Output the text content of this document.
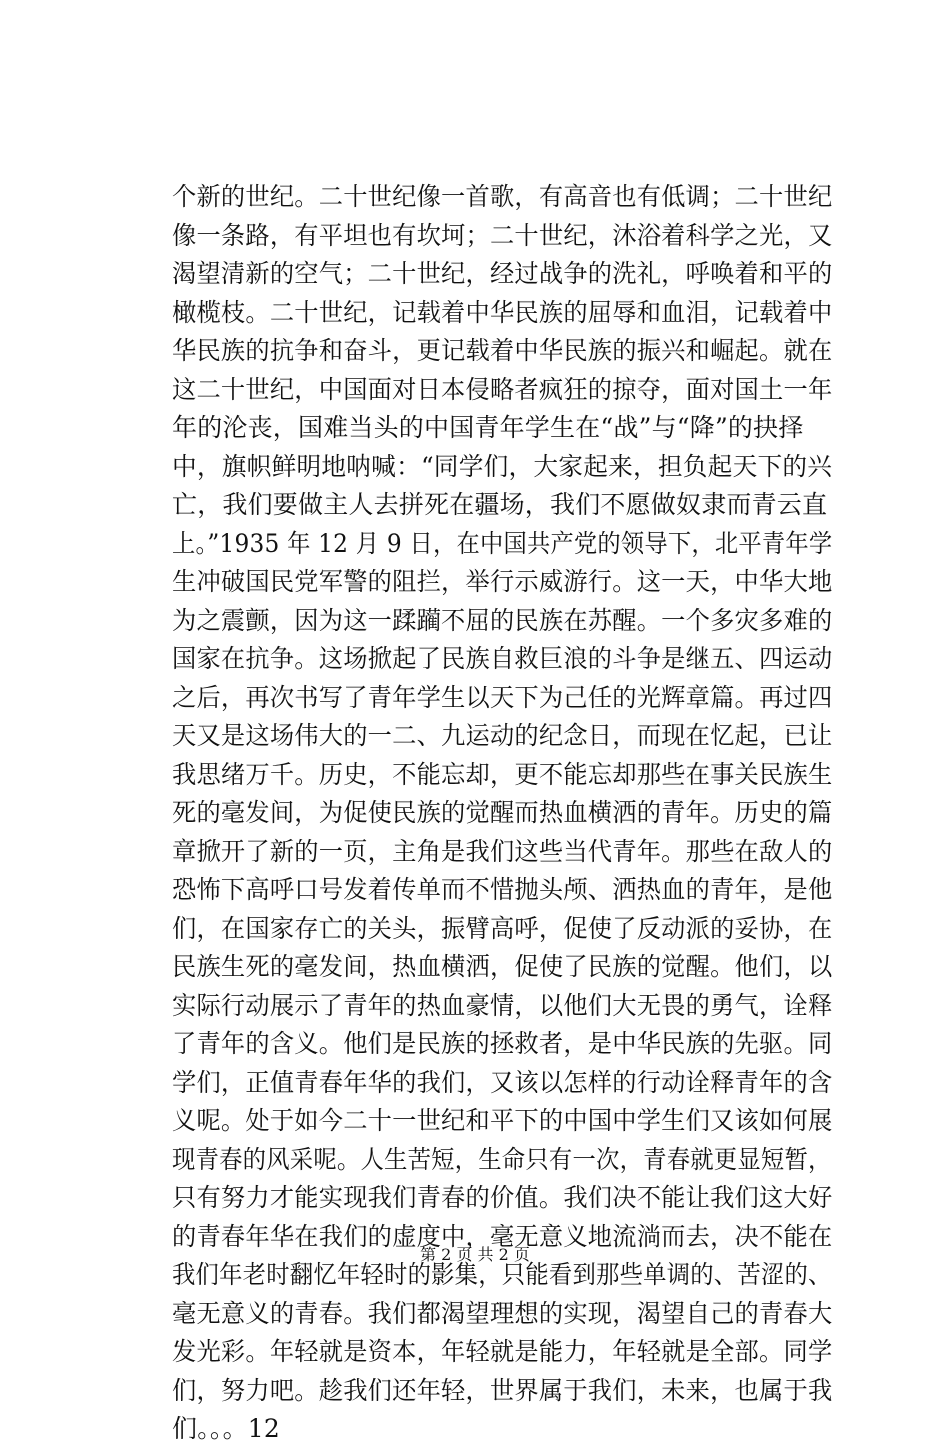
个新的世纪。二十世纪像一首歌，有高音也有低调；二十世纪
像一条路，有平坦也有坎坷；二十世纪，沐浴着科学之光，又
渴望清新的空气；二十世纪，经过战争的洗礼，呼唤着和平的
橄榄枝。二十世纪，记载着中华民族的屈辱和血泪，记载着中
华民族的抗争和奋斗，更记载着中华民族的振兴和崛起。就在
这二十世纪，中国面对日本侵略者疯狂的掠夺，面对国土一年
年的沦丧，国难当头的中国青年学生在“战”与“降”的抉择
中，旗帜鲜明地呐喊：“同学们，大家起来，担负起天下的兴
亡，我们要做主人去拼死在疆场，我们不愿做奴隶而青云直
上。”1935 年 12 月 9 日，在中国共产党的领导下，北平青年学
生冲破国民党军警的阻拦，举行示威游行。这一天，中华大地
为之震颤，因为这一蹂躏不屈的民族在苏醒。一个多灾多难的
国家在抗争。这场掀起了民族自救巨浪的斗争是继五、四运动
之后，再次书写了青年学生以天下为己任的光辉章篇。再过四
天又是这场伟大的一二、九运动的纪念日，而现在忆起，已让
我思绪万千。历史，不能忘却，更不能忘却那些在事关民族生
死的毫发间，为促使民族的觉醒而热血横洒的青年。历史的篇
章掀开了新的一页，主角是我们这些当代青年。那些在敌人的
恐怖下高呼口号发着传单而不惜抛头颅、洒热血的青年，是他
们，在国家存亡的关头，振臂高呼，促使了反动派的妥协，在
民族生死的毫发间，热血横洒，促使了民族的觉醒。他们，以
实际行动展示了青年的热血豪情，以他们大无畏的勇气，诠释
了青年的含义。他们是民族的拯救者，是中华民族的先驱。同
学们，正值青春年华的我们，又该以怎样的行动诠释青年的含
义呢。处于如今二十一世纪和平下的中国中学生们又该如何展
现青春的风采呢。人生苦短，生命只有一次，青春就更显短暂，
只有努力才能实现我们青春的价值。我们决不能让我们这大好
的青春年华在我们的虚度中，毫无意义地流淌而去，决不能在
我们年老时翻忆年轻时的影集，只能看到那些单调的、苦涩的、
毫无意义的青春。我们都渴望理想的实现，渴望自己的青春大
发光彩。年轻就是资本，年轻就是能力，年轻就是全部。同学
们，努力吧。趁我们还年轻，世界属于我们，未来，也属于我
们。。。12
第 2 页 共 2 页
